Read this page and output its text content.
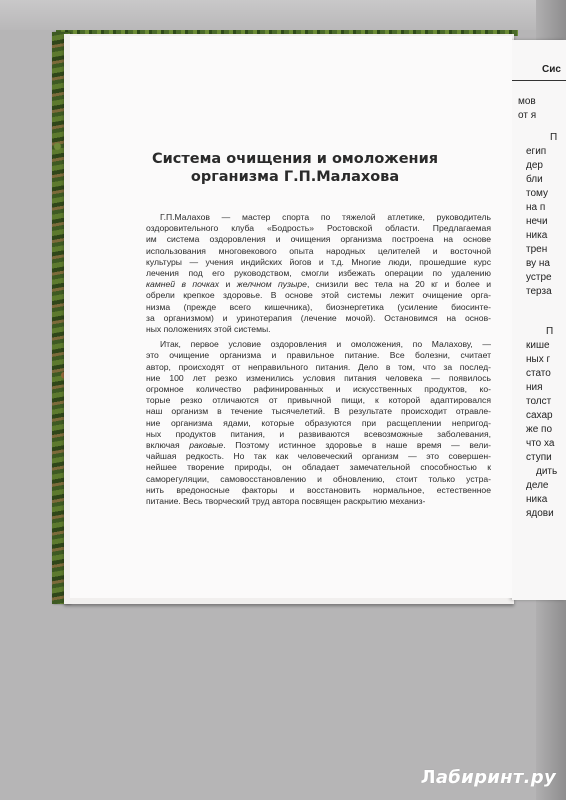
Сис
мов
от я
П
егип
дер
бли
тому
на п
нечи
ника
трен
ву на
устре
терза
П
кише
ных г
стато
ния
толст
сахар
же по
что ха
ступи
дить
деле
ника
ядови
Система очищения и омоложения
организма Г.П.Малахова
Г.П.Малахов — мастер спорта по тяжелой атлетике, руководитель
оздоровительного клуба «Бодрость» Ростовской области. Предлагаемая
им система оздоровления и очищения организма построена на основе
использования многовекового опыта народных целителей и восточной
культуры — учения индийских йогов и т.д. Многие люди, прошедшие курс
лечения под его руководством, смогли избежать операции по удалению
камней в почках и желчном пузыре, снизили вес тела на 20 кг и более и
обрели крепкое здоровье. В основе этой системы лежит очищение орга-
низма (прежде всего кишечника), биоэнергетика (усиление биосинте-
за организмом) и уринотерапия (лечение мочой). Остановимся на основ-
ных положениях этой системы.
Итак, первое условие оздоровления и омоложения, по Малахову, —
это очищение организма и правильное питание. Все болезни, считает
автор, происходят от неправильного питания. Дело в том, что за послед-
ние 100 лет резко изменились условия питания человека — появилось
огромное количество рафинированных и искусственных продуктов, ко-
торые резко отличаются от привычной пищи, к которой адаптировался
наш организм в течение тысячелетий. В результате происходит отравле-
ние организма ядами, которые образуются при расщеплении непригод-
ных продуктов питания, и развиваются всевозможные заболевания,
включая раковые. Поэтому истинное здоровье в наше время — вели-
чайшая редкость. Но так как человеческий организм — это совершен-
нейшее творение природы, он обладает замечательной способностью к
саморегуляции, самовосстановлению и обновлению, стоит только устра-
нить вредоносные факторы и восстановить нормальное, естественное
питание. Весь творческий труд автора посвящен раскрытию механиз-
Лабиринт.ру
